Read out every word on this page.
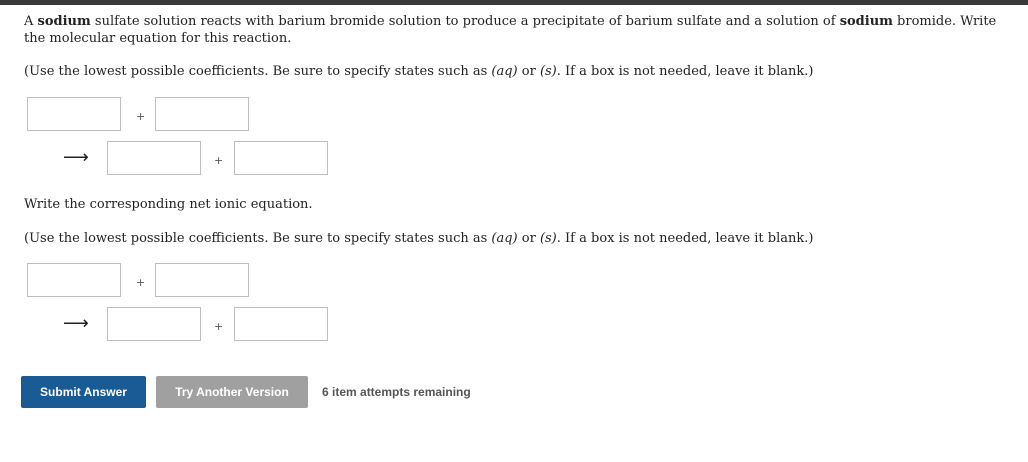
[References]

A sodium sulfate solution reacts with barium bromide solution to produce a precipitate of barium sulfate and a solution of sodium bromide. Write the molecular equation for this reaction.

(Use the lowest possible coefficients. Be sure to specify states such as (aq) or (s). If a box is not needed, leave it blank.)

Write the corresponding net ionic equation.

(Use the lowest possible coefficients. Be sure to specify states such as (aq) or (s). If a box is not needed, leave it blank.)

+
⟶	+
+
⟶	+
Submit Answer	Try Another Version	6 item attempts remaining
